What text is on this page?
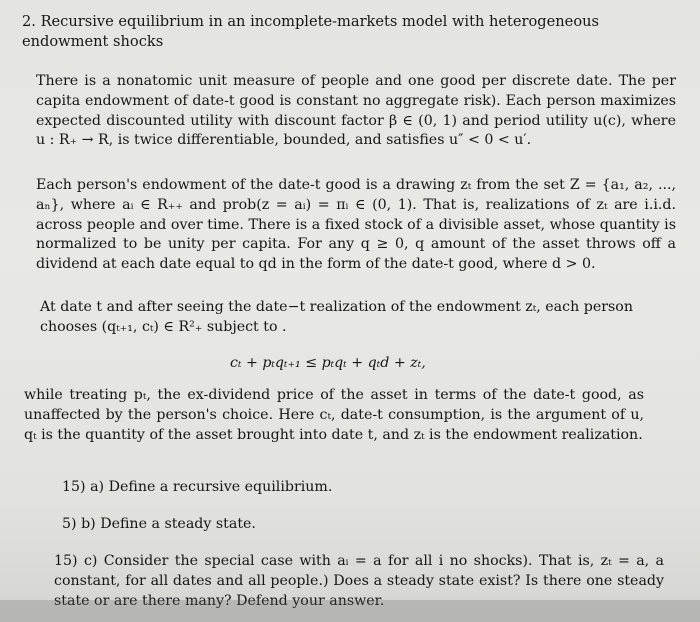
2. Recursive equilibrium in an incomplete-markets model with heterogeneous endowment shocks

There is a nonatomic unit measure of people and one good per discrete date. The per capita endowment of date-t good is constant no aggregate risk). Each person maximizes expected discounted utility with discount factor β ∈ (0, 1) and period utility u(c), where u : R₊ → R, is twice differentiable, bounded, and satisfies u″ < 0 < u′.

Each person's endowment of the date-t good is a drawing zₜ from the set Z = {a₁, a₂, ..., aₙ}, where aᵢ ∈ R₊₊ and prob(z = aᵢ) = πᵢ ∈ (0, 1). That is, realizations of zₜ are i.i.d. across people and over time. There is a fixed stock of a divisible asset, whose quantity is normalized to be unity per capita. For any q ≥ 0, q amount of the asset throws off a dividend at each date equal to qd in the form of the date-t good, where d > 0.

At date t and after seeing the date−t realization of the endowment zₜ, each person chooses (qₜ₊₁, cₜ) ∈ R²₊ subject to .

cₜ + pₜqₜ₊₁ ≤ pₜqₜ + qₜd + zₜ,

while treating pₜ, the ex-dividend price of the asset in terms of the date-t good, as unaffected by the person's choice. Here cₜ, date-t consumption, is the argument of u, qₜ is the quantity of the asset brought into date t, and zₜ is the endowment realization.

15) a) Define a recursive equilibrium.

5) b) Define a steady state.

15) c) Consider the special case with aᵢ = a for all i no shocks). That is, zₜ = a, a constant, for all dates and all people.) Does a steady state exist? Is there one steady state or are there many? Defend your answer.
